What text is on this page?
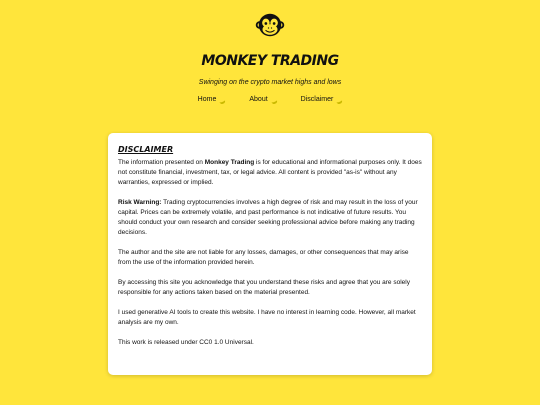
MONKEY TRADING

Swinging on the crypto market highs and lows

Home	About	Disclaimer
DISCLAIMER

The information presented on Monkey Trading is for educational and informational purposes only. It does not constitute financial, investment, tax, or legal advice. All content is provided "as-is" without any warranties, expressed or implied.

Risk Warning: Trading cryptocurrencies involves a high degree of risk and may result in the loss of your capital. Prices can be extremely volatile, and past performance is not indicative of future results. You should conduct your own research and consider seeking professional advice before making any trading decisions.

The author and the site are not liable for any losses, damages, or other consequences that may arise from the use of the information provided herein.

By accessing this site you acknowledge that you understand these risks and agree that you are solely responsible for any actions taken based on the material presented.

I used generative AI tools to create this website. I have no interest in learning code. However, all market analysis are my own.

This work is released under CC0 1.0 Universal.
